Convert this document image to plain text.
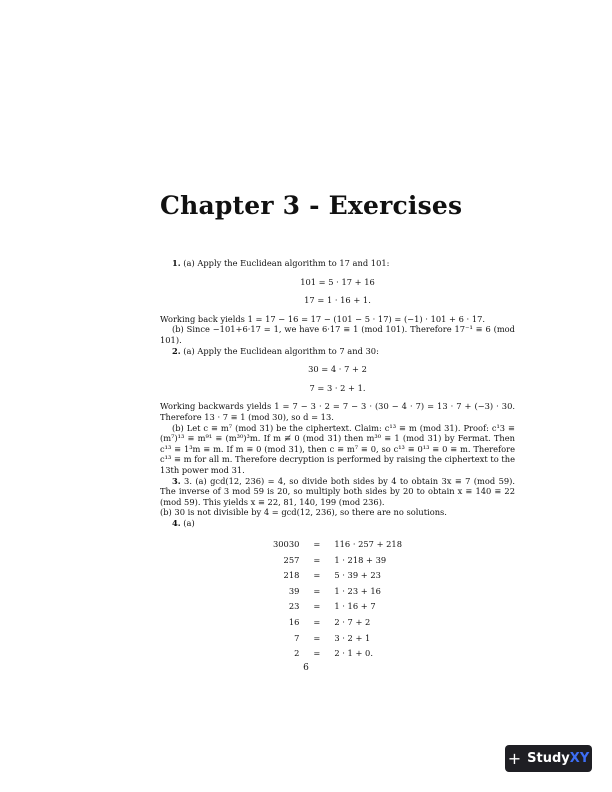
Chapter 3 - Exercises

1. (a) Apply the Euclidean algorithm to 17 and 101:

101 = 5 · 17 + 16
17 = 1 · 16 + 1.

Working back yields 1 = 17 − 16 = 17 − (101 − 5 · 17) = (−1) · 101 + 6 · 17.

(b) Since −101+6·17 = 1, we have 6·17 ≡ 1 (mod 101). Therefore 17⁻¹ ≡ 6 (mod 101).

2. (a) Apply the Euclidean algorithm to 7 and 30:

30 = 4 · 7 + 2
7 = 3 · 2 + 1.

Working backwards yields 1 = 7 − 3 · 2 = 7 − 3 · (30 − 4 · 7) = 13 · 7 + (−3) · 30. Therefore 13 · 7 ≡ 1 (mod 30), so d = 13.

(b) Let c ≡ m⁷ (mod 31) be the ciphertext. Claim: c¹³ ≡ m (mod 31). Proof: c¹3 ≡ (m⁷)¹³ ≡ m⁹¹ ≡ (m³⁰)³m. If m ≢ 0 (mod 31) then m³⁰ ≡ 1 (mod 31) by Fermat. Then c¹³ ≡ 1³m ≡ m. If m ≡ 0 (mod 31), then c ≡ m⁷ ≡ 0, so c¹³ ≡ 0¹³ ≡ 0 ≡ m. Therefore c¹³ ≡ m for all m. Therefore decryption is performed by raising the ciphertext to the 13th power mod 31.

3. 3. (a) gcd(12, 236) = 4, so divide both sides by 4 to obtain 3x ≡ 7 (mod 59). The inverse of 3 mod 59 is 20, so multiply both sides by 20 to obtain x ≡ 140 ≡ 22 (mod 59). This yields x ≡ 22, 81, 140, 199 (mod 236).

(b) 30 is not divisible by 4 = gcd(12, 236), so there are no solutions.

4. (a)

30030	=	116 · 257 + 218
257	=	1 · 218 + 39
218	=	5 · 39 + 23
39	=	1 · 23 + 16
23	=	1 · 16 + 7
16	=	2 · 7 + 2
7	=	3 · 2 + 1
2	=	2 · 1 + 0.
6
+ Study XY
